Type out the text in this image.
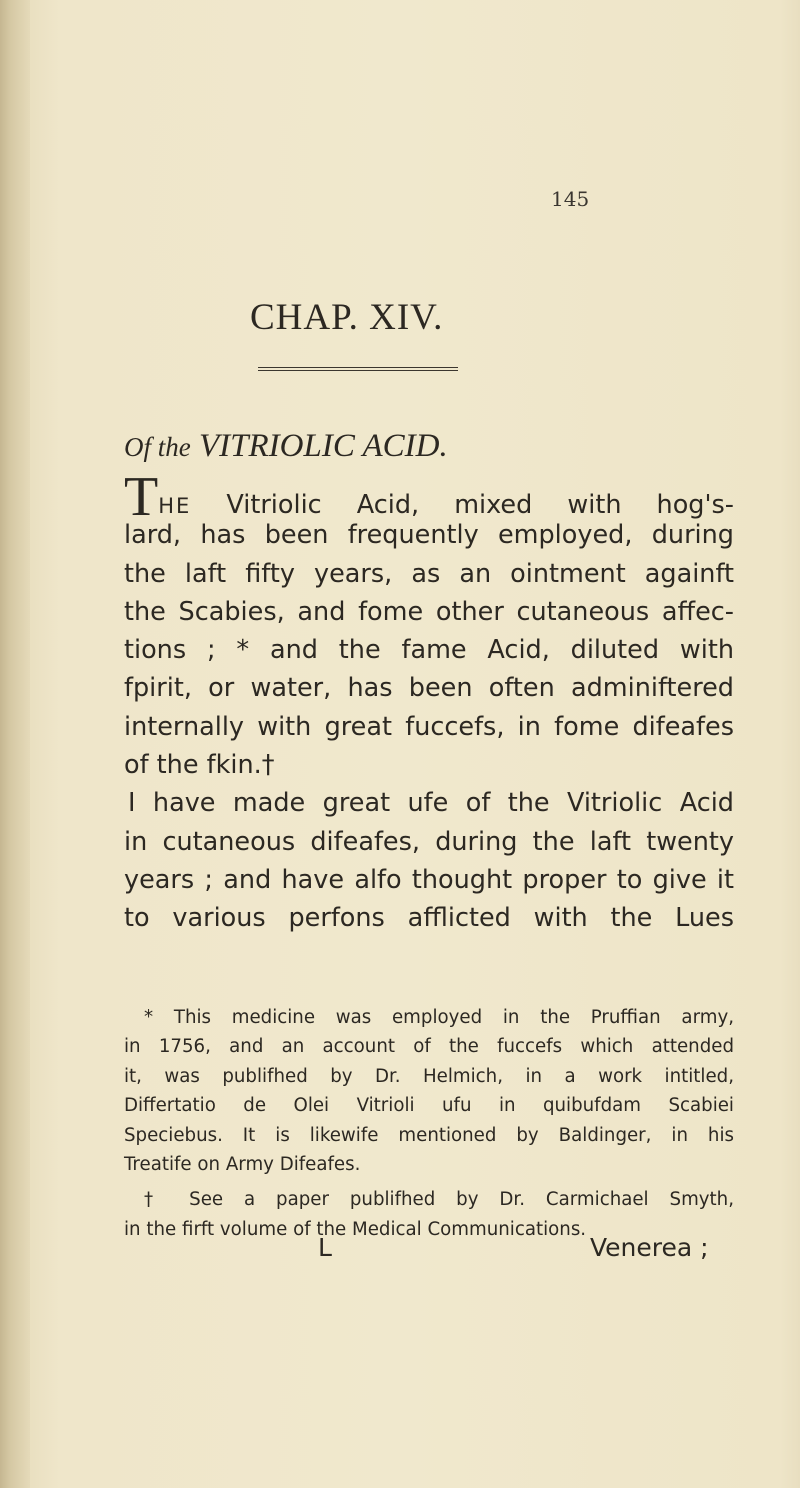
145
CHAP. XIV.
Of the VITRIOLIC ACID.
THE Vitriolic Acid, mixed with hog's-
lard, has been frequently employed, during
the laft fifty years, as an ointment againft
the Scabies, and fome other cutaneous affec-
tions ; * and the fame Acid, diluted with
fpirit, or water, has been often adminiftered
internally with great fuccefs, in fome difeafes
of the fkin.†
I have made great ufe of the Vitriolic Acid
in cutaneous difeafes, during the laft twenty
years ; and have alfo thought proper to give it
to various perfons afflicted with the Lues
* This medicine was employed in the Pruffian army,
in 1756, and an account of the fuccefs which attended
it, was publifhed by Dr. Helmich, in a work intitled,
Differtatio de Olei Vitrioli ufu in quibufdam Scabiei
Speciebus. It is likewife mentioned by Baldinger, in his
Treatife on Army Difeafes.
† See a paper publifhed by Dr. Carmichael Smyth,
in the firft volume of the Medical Communications.
L	Venerea ;
